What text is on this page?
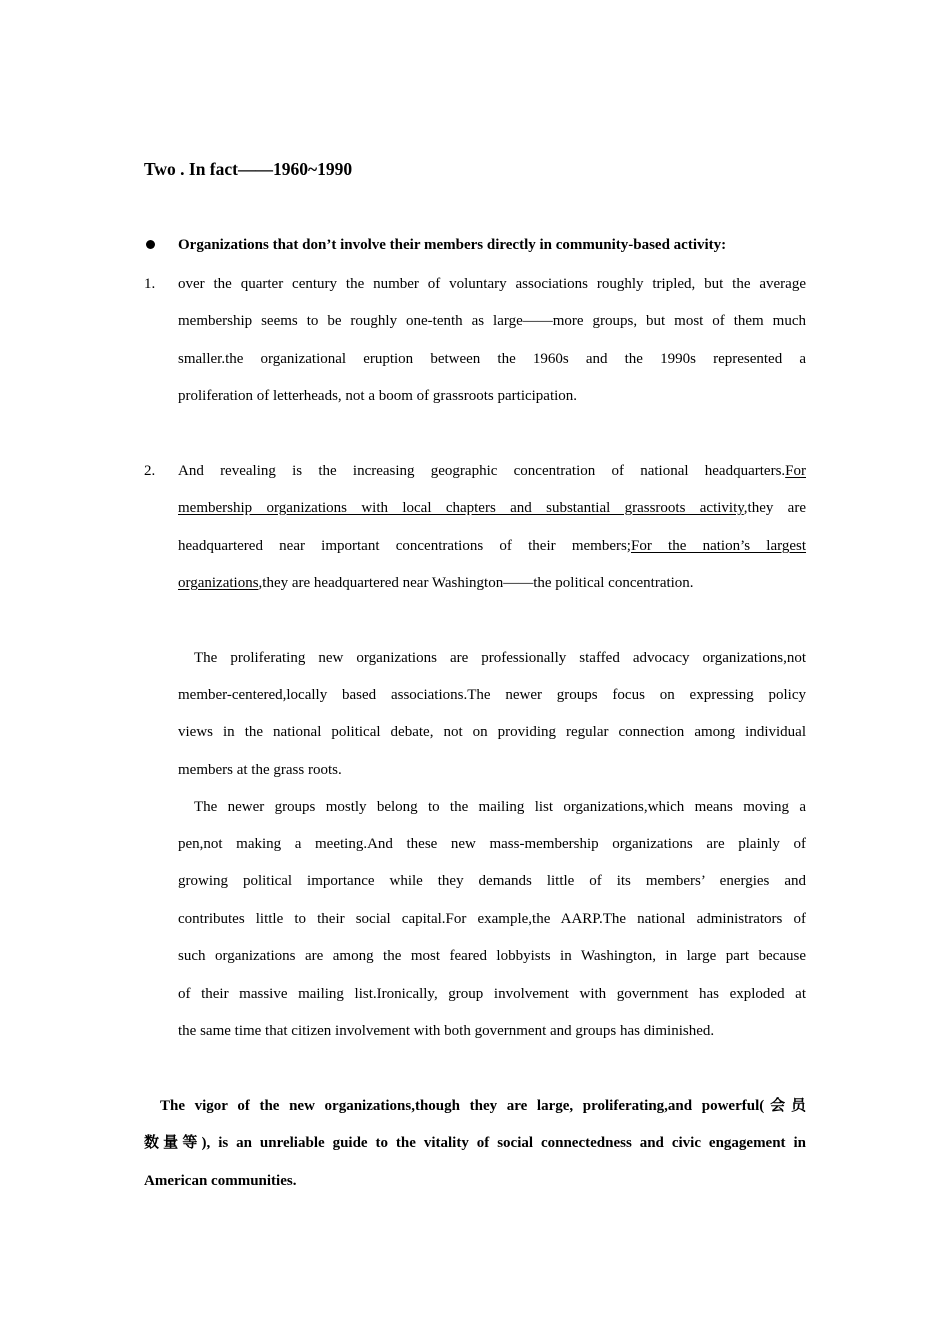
Two . In fact——1960~1990
Organizations that don’t involve their members directly in community-based activity:
1. over the quarter century the number of voluntary associations roughly tripled, but the average
membership seems to be roughly one-tenth as large——more groups, but most of them much
smaller.the organizational eruption between the 1960s and the 1990s represented a
proliferation of letterheads, not a boom of grassroots participation.
2. And revealing is the increasing geographic concentration of national headquarters.For
membership organizations with local chapters and substantial grassroots activity,they are
headquartered near important concentrations of their members;For the nation’s largest
organizations,they are headquartered near Washington——the political concentration.
The proliferating new organizations are professionally staffed advocacy organizations,not
member-centered,locally based associations.The newer groups focus on expressing policy
views in the national political debate, not on providing regular connection among individual
members at the grass roots.
The newer groups mostly belong to the mailing list organizations,which means moving a
pen,not making a meeting.And these new mass-membership organizations are plainly of
growing political importance while they demands little of its members’ energies and
contributes little to their social capital.For example,the AARP.The national administrators of
such organizations are among the most feared lobbyists in Washington, in large part because
of their massive mailing list.Ironically, group involvement with government has exploded at
the same time that citizen involvement with both government and groups has diminished.
The vigor of the new organizations,though they are large, proliferating,and powerful(会员
数量等), is an unreliable guide to the vitality of social connectedness and civic engagement in
American communities.
